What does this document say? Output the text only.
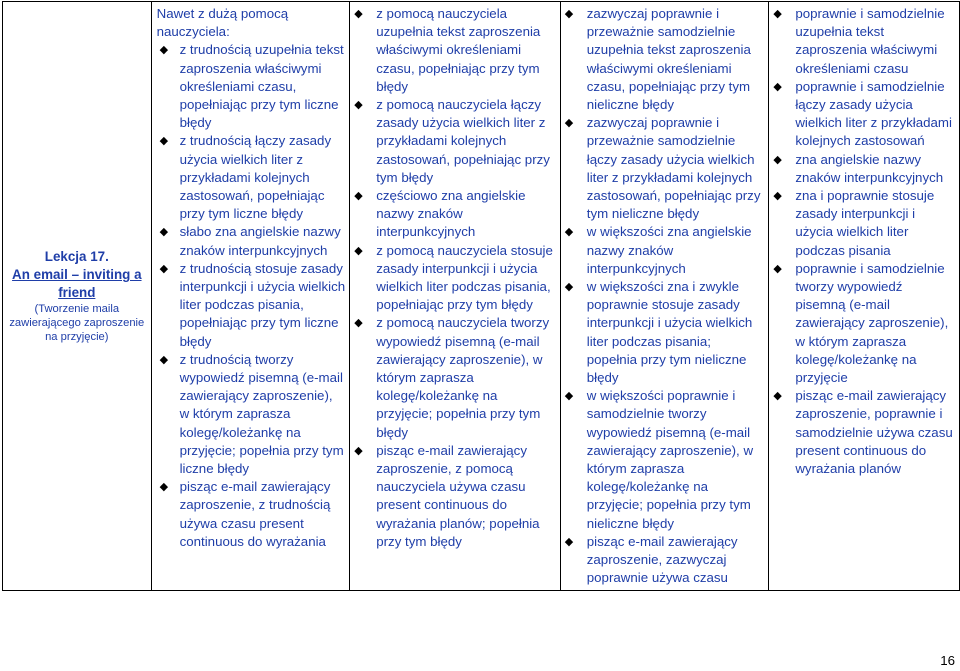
Lekcja 17.
An email – inviting a friend
(Tworzenie maila zawierającego zaproszenie na przyjęcie)

Nawet z dużą pomocą nauczyciela:
◆ z trudnością uzupełnia tekst zaproszenia właściwymi określeniami czasu, popełniając przy tym liczne błędy
◆ z trudnością łączy zasady użycia wielkich liter z przykładami kolejnych zastosowań, popełniając przy tym liczne błędy
◆ słabo zna angielskie nazwy znaków interpunkcyjnych
◆ z trudnością stosuje zasady interpunkcji i użycia wielkich liter podczas pisania, popełniając przy tym liczne błędy
◆ z trudnością tworzy wypowiedź pisemną (e-mail zawierający zaproszenie), w którym zaprasza kolegę/koleżankę na przyjęcie; popełnia przy tym liczne błędy
◆ pisząc e-mail zawierający zaproszenie, z trudnością używa czasu present continuous do wyrażania

◆	z pomocą nauczyciela uzupełnia tekst zaproszenia właściwymi określeniami czasu, popełniając przy tym błędy
◆	z pomocą nauczyciela łączy zasady użycia wielkich liter z przykładami kolejnych zastosowań, popełniając przy tym błędy
◆	częściowo zna angielskie nazwy znaków interpunkcyjnych
◆	z pomocą nauczyciela stosuje zasady interpunkcji i użycia wielkich liter podczas pisania, popełniając przy tym błędy
◆	z pomocą nauczyciela tworzy wypowiedź pisemną (e-mail zawierający zaproszenie), w którym zaprasza kolegę/koleżankę na przyjęcie; popełnia przy tym błędy
◆	pisząc e-mail zawierający zaproszenie, z pomocą nauczyciela używa czasu present continuous do wyrażania planów; popełnia przy tym błędy

◆	zazwyczaj poprawnie i przeważnie samodzielnie uzupełnia tekst zaproszenia właściwymi określeniami czasu, popełniając przy tym nieliczne błędy
◆	zazwyczaj poprawnie i przeważnie samodzielnie łączy zasady użycia wielkich liter z przykładami kolejnych zastosowań, popełniając przy tym nieliczne błędy
◆	w większości zna angielskie nazwy znaków interpunkcyjnych
◆	w większości zna i zwykle poprawnie stosuje zasady interpunkcji i użycia wielkich liter podczas pisania; popełnia przy tym nieliczne błędy
◆	w większości poprawnie i samodzielnie tworzy wypowiedź pisemną (e-mail zawierający zaproszenie), w którym zaprasza kolegę/koleżankę na przyjęcie; popełnia przy tym nieliczne błędy
◆	pisząc e-mail zawierający zaproszenie, zazwyczaj poprawnie używa czasu

◆	poprawnie i samodzielnie uzupełnia tekst zaproszenia właściwymi określeniami czasu
◆	poprawnie i samodzielnie łączy zasady użycia wielkich liter z przykładami kolejnych zastosowań
◆	zna angielskie nazwy znaków interpunkcyjnych
◆	zna i poprawnie stosuje zasady interpunkcji i użycia wielkich liter podczas pisania
◆	poprawnie i samodzielnie tworzy wypowiedź pisemną (e-mail zawierający zaproszenie), w którym zaprasza kolegę/koleżankę na przyjęcie
◆	pisząc e-mail zawierający zaproszenie, poprawnie i samodzielnie używa czasu present continuous do wyrażania planów
16
